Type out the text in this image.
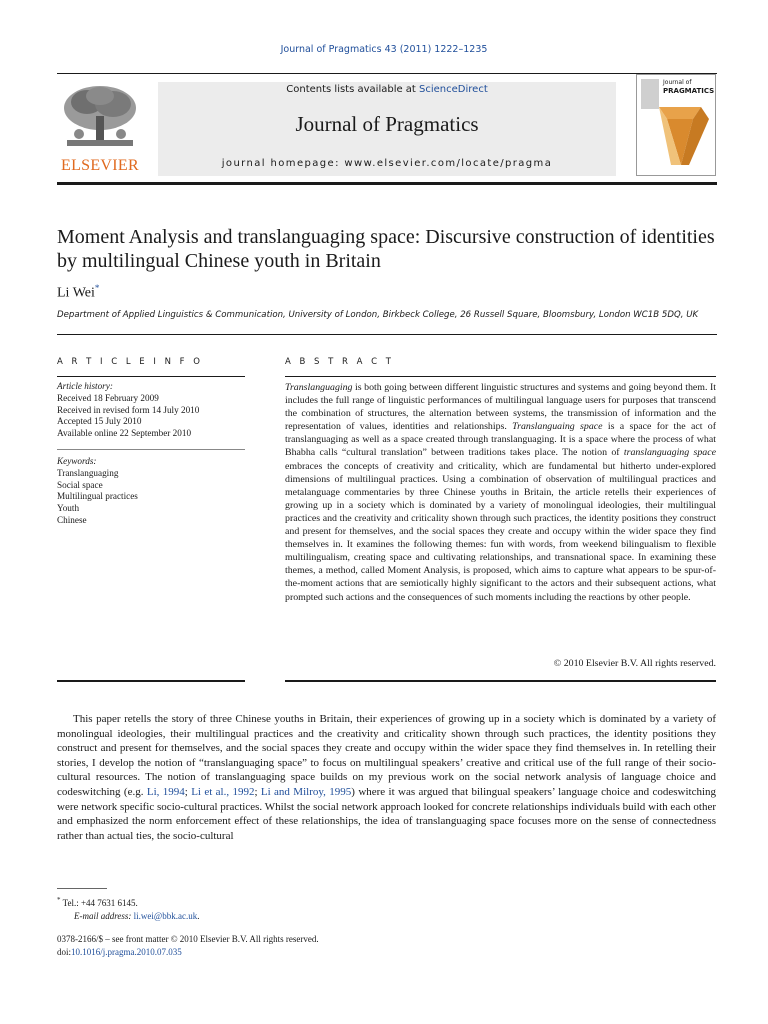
Journal of Pragmatics 43 (2011) 1222–1235
ELSEVIER
Contents lists available at ScienceDirect
Journal of Pragmatics
journal homepage: www.elsevier.com/locate/pragma
Journal of
PRAGMATICS
Moment Analysis and translanguaging space: Discursive construction of identities by multilingual Chinese youth in Britain
Li Wei*
Department of Applied Linguistics & Communication, University of London, Birkbeck College, 26 Russell Square, Bloomsbury, London WC1B 5DQ, UK
A R T I C L E I N F O
Article history:
Received 18 February 2009
Received in revised form 14 July 2010
Accepted 15 July 2010
Available online 22 September 2010
Keywords:
Translanguaging
Social space
Multilingual practices
Youth
Chinese
A B S T R A C T
Translanguaging is both going between different linguistic structures and systems and going beyond them. It includes the full range of linguistic performances of multilingual language users for purposes that transcend the combination of structures, the alternation between systems, the transmission of information and the representation of values, identities and relationships. Translanguaing space is a space for the act of translanguaging as well as a space created through translanguaging. It is a space where the process of what Bhabha calls “cultural translation” between traditions takes place. The notion of translanguaging space embraces the concepts of creativity and criticality, which are fundamental but hitherto under-explored dimensions of multilingual practices. Using a combination of observation of multilingual practices and metalanguage commentaries by three Chinese youths in Britain, the article retells their experiences of growing up in a society which is dominated by a variety of monolingual ideologies, their multilingual practices and the creativity and criticality shown through such practices, the identity positions they construct and present for themselves, and the social spaces they create and occupy within the wider space they find themselves in. It examines the following themes: fun with words, from weekend bilingualism to flexible multilingualism, creating space and cultivating relationships, and transnational space. In examining these themes, a method, called Moment Analysis, is proposed, which aims to capture what appears to be spur-of-the-moment actions that are semiotically highly significant to the actors and their subsequent actions, what prompted such actions and the consequences of such moments including the reactions by other people.
© 2010 Elsevier B.V. All rights reserved.

This paper retells the story of three Chinese youths in Britain, their experiences of growing up in a society which is dominated by a variety of monolingual ideologies, their multilingual practices and the creativity and criticality shown through such practices, the identity positions they construct and present for themselves, and the social spaces they create and occupy within the wider space they find themselves in. In retelling their stories, I develop the notion of “translanguaging space” to focus on multilingual speakers’ creative and critical use of the full range of their socio-cultural resources. The notion of translanguaging space builds on my previous work on the social network analysis of language choice and codeswitching (e.g. Li, 1994; Li et al., 1992; Li and Milroy, 1995) where it was argued that bilingual speakers’ language choice and codeswitching were network specific socio-cultural practices. Whilst the social network approach looked for concrete relationships individuals build with each other and emphasized the norm enforcement effect of these relationships, the idea of translanguaging space focuses more on the sense of connectedness rather than actual ties, the socio-cultural

* Tel.: +44 7631 6145.
E-mail address: li.wei@bbk.ac.uk.
0378-2166/$ – see front matter © 2010 Elsevier B.V. All rights reserved.
doi:10.1016/j.pragma.2010.07.035
